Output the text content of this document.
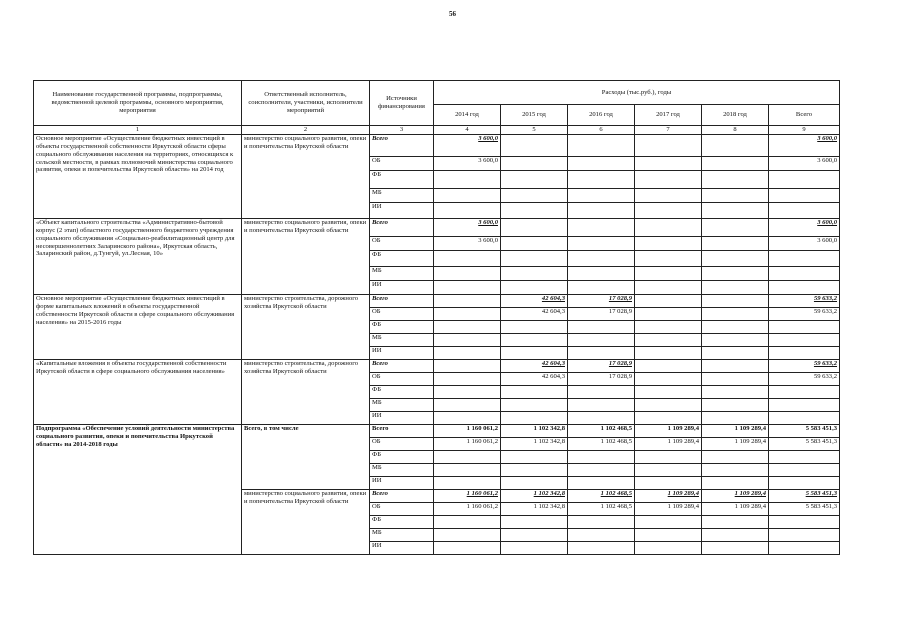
56
Наименование государственной программы, подпрограммы, ведомственной целевой программы, основного мероприятия, мероприятия	Ответственный исполнитель, соисполнители, участники, исполнители мероприятий	Источники финансирования	Расходы (тыс.руб.), годы					
			2014 год	2015 год	2016 год	2017 год	2018 год	Всего
1	2	3	4	5	6	7	8	9
Основное мероприятие «Осуществление бюджетных инвестиций в объекты государственной собственности Иркутской области сферы социального обслуживания населения на территориях, относящихся к сельской местности, в рамках полномочий министерства социального развития, опеки и попечительства Иркутской области» на 2014 год	министерство социального развития, опеки и попечительства Иркутской области	Всего	3 600,0					3 600,0
		ОБ	3 600,0					3 600,0
		ФБ						
		МБ						
		ИИ						
«Объект капитального строительства «Административно-бытовой корпус (2 этап) областного государственного бюджетного учреждения социального обслуживания «Социально-реабилитационный центр для несовершеннолетних Заларинского района», Иркутская область, Заларинский район, д.Тунгуй, ул.Лесная, 10»	министерство социального развития, опеки и попечительства Иркутской области	Всего	3 600,0					3 600,0
		ОБ	3 600,0					3 600,0
		ФБ						
		МБ						
		ИИ						
Основное мероприятие «Осуществление бюджетных инвестиций в форме капитальных вложений в объекты государственной собственности Иркутской области в сфере социального обслуживания населения» на 2015-2016 годы	министерство строительства, дорожного хозяйства Иркутской области	Всего		42 604,3	17 028,9			59 633,2
		ОБ		42 604,3	17 028,9			59 633,2
		ФБ						
		МБ						
		ИИ						
«Капитальные вложения в объекты государственной собственности Иркутской области в сфере социального обслуживания населения»	министерство строительства, дорожного хозяйства Иркутской области	Всего		42 604,3	17 028,9			59 633,2
		ОБ		42 604,3	17 028,9			59 633,2
		ФБ						
		МБ						
		ИИ						
Подпрограмма «Обеспечение условий деятельности министерства социального развития, опеки и попечительства Иркутской области» на 2014-2018 годы	Всего, в том числе	Всего	1 160 061,2	1 102 342,8	1 102 468,5	1 109 289,4	1 109 289,4	5 583 451,3
		ОБ	1 160 061,2	1 102 342,8	1 102 468,5	1 109 289,4	1 109 289,4	5 583 451,3
		ФБ						
		МБ						
		ИИ						
	министерство социального развития, опеки и попечительства Иркутской области	Всего	1 160 061,2	1 102 342,8	1 102 468,5	1 109 289,4	1 109 289,4	5 583 451,3
		ОБ	1 160 061,2	1 102 342,8	1 102 468,5	1 109 289,4	1 109 289,4	5 583 451,3
		ФБ						
		МБ						
		ИИ						
